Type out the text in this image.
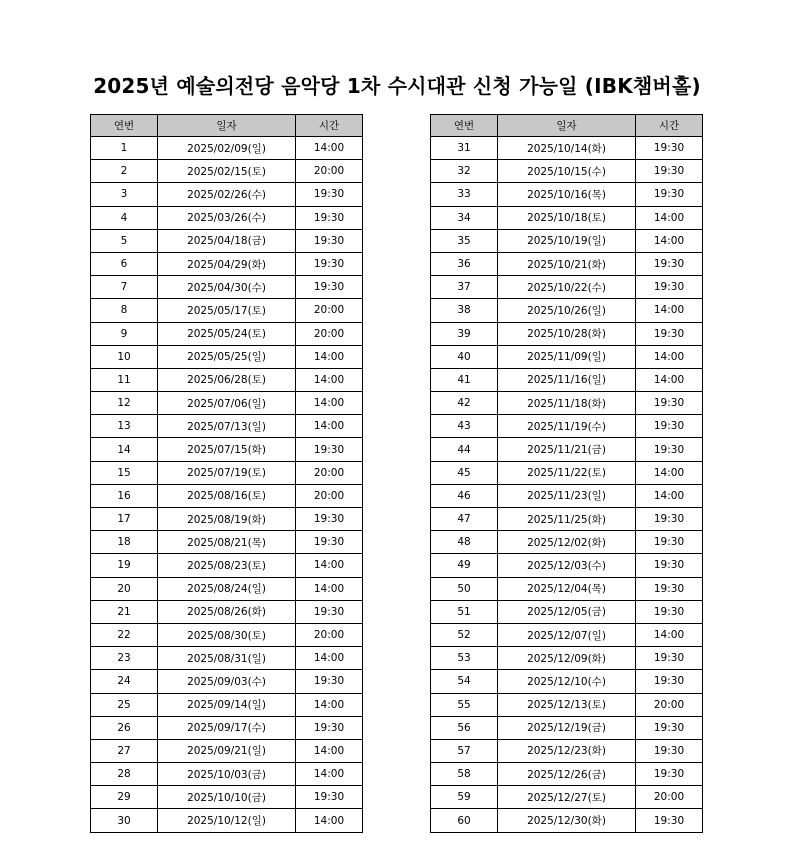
2025년 예술의전당 음악당 1차 수시대관 신청 가능일 (IBK챔버홀)
연번	일자	시간
1	2025/02/09(일)	14:00
2	2025/02/15(토)	20:00
3	2025/02/26(수)	19:30
4	2025/03/26(수)	19:30
5	2025/04/18(금)	19:30
6	2025/04/29(화)	19:30
7	2025/04/30(수)	19:30
8	2025/05/17(토)	20:00
9	2025/05/24(토)	20:00
10	2025/05/25(일)	14:00
11	2025/06/28(토)	14:00
12	2025/07/06(일)	14:00
13	2025/07/13(일)	14:00
14	2025/07/15(화)	19:30
15	2025/07/19(토)	20:00
16	2025/08/16(토)	20:00
17	2025/08/19(화)	19:30
18	2025/08/21(목)	19:30
19	2025/08/23(토)	14:00
20	2025/08/24(일)	14:00
21	2025/08/26(화)	19:30
22	2025/08/30(토)	20:00
23	2025/08/31(일)	14:00
24	2025/09/03(수)	19:30
25	2025/09/14(일)	14:00
26	2025/09/17(수)	19:30
27	2025/09/21(일)	14:00
28	2025/10/03(금)	14:00
29	2025/10/10(금)	19:30
30	2025/10/12(일)	14:00
연번	일자	시간
31	2025/10/14(화)	19:30
32	2025/10/15(수)	19:30
33	2025/10/16(목)	19:30
34	2025/10/18(토)	14:00
35	2025/10/19(일)	14:00
36	2025/10/21(화)	19:30
37	2025/10/22(수)	19:30
38	2025/10/26(일)	14:00
39	2025/10/28(화)	19:30
40	2025/11/09(일)	14:00
41	2025/11/16(일)	14:00
42	2025/11/18(화)	19:30
43	2025/11/19(수)	19:30
44	2025/11/21(금)	19:30
45	2025/11/22(토)	14:00
46	2025/11/23(일)	14:00
47	2025/11/25(화)	19:30
48	2025/12/02(화)	19:30
49	2025/12/03(수)	19:30
50	2025/12/04(목)	19:30
51	2025/12/05(금)	19:30
52	2025/12/07(일)	14:00
53	2025/12/09(화)	19:30
54	2025/12/10(수)	19:30
55	2025/12/13(토)	20:00
56	2025/12/19(금)	19:30
57	2025/12/23(화)	19:30
58	2025/12/26(금)	19:30
59	2025/12/27(토)	20:00
60	2025/12/30(화)	19:30
